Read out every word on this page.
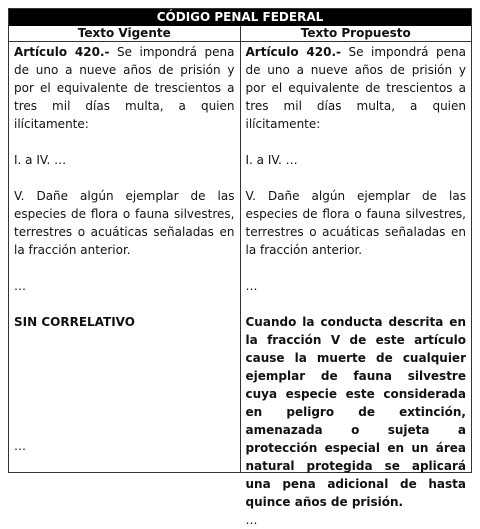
CÓDIGO PENAL FEDERAL
Texto Vigente	Texto Propuesto

Artículo 420.- Se impondrá pena de uno a nueve años de prisión y por el equivalente de trescientos a tres mil días multa, a quien ilícitamente:

I. a IV. …

V. Dañe algún ejemplar de las especies de flora o fauna silvestres, terrestres o acuáticas señaladas en la fracción anterior.

…

SIN CORRELATIVO

…

Artículo 420.- Se impondrá pena de uno a nueve años de prisión y por el equivalente de trescientos a tres mil días multa, a quien ilícitamente:

I. a IV. …

V. Dañe algún ejemplar de las especies de flora o fauna silvestres, terrestres o acuáticas señaladas en la fracción anterior.

…

Cuando la conducta descrita en la fracción V de este artículo cause la muerte de cualquier ejemplar de fauna silvestre cuya especie este considerada en peligro de extinción, amenazada o sujeta a protección especial en un área natural protegida se aplicará una pena adicional de hasta quince años de prisión.

…
